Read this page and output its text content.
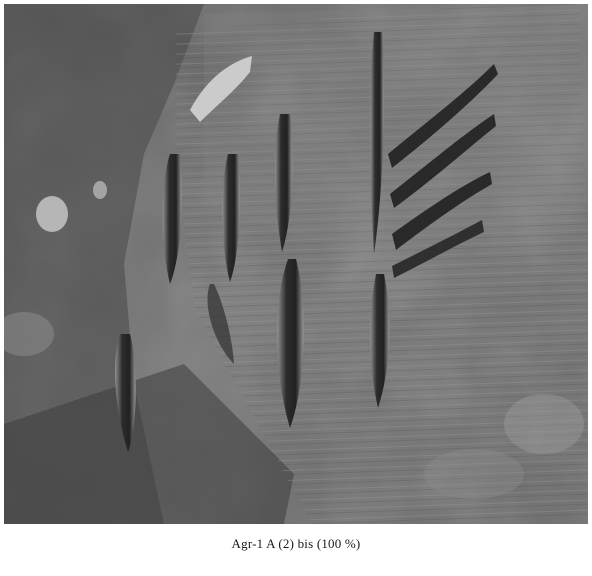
Agr-1 A (2) bis (100 %)
